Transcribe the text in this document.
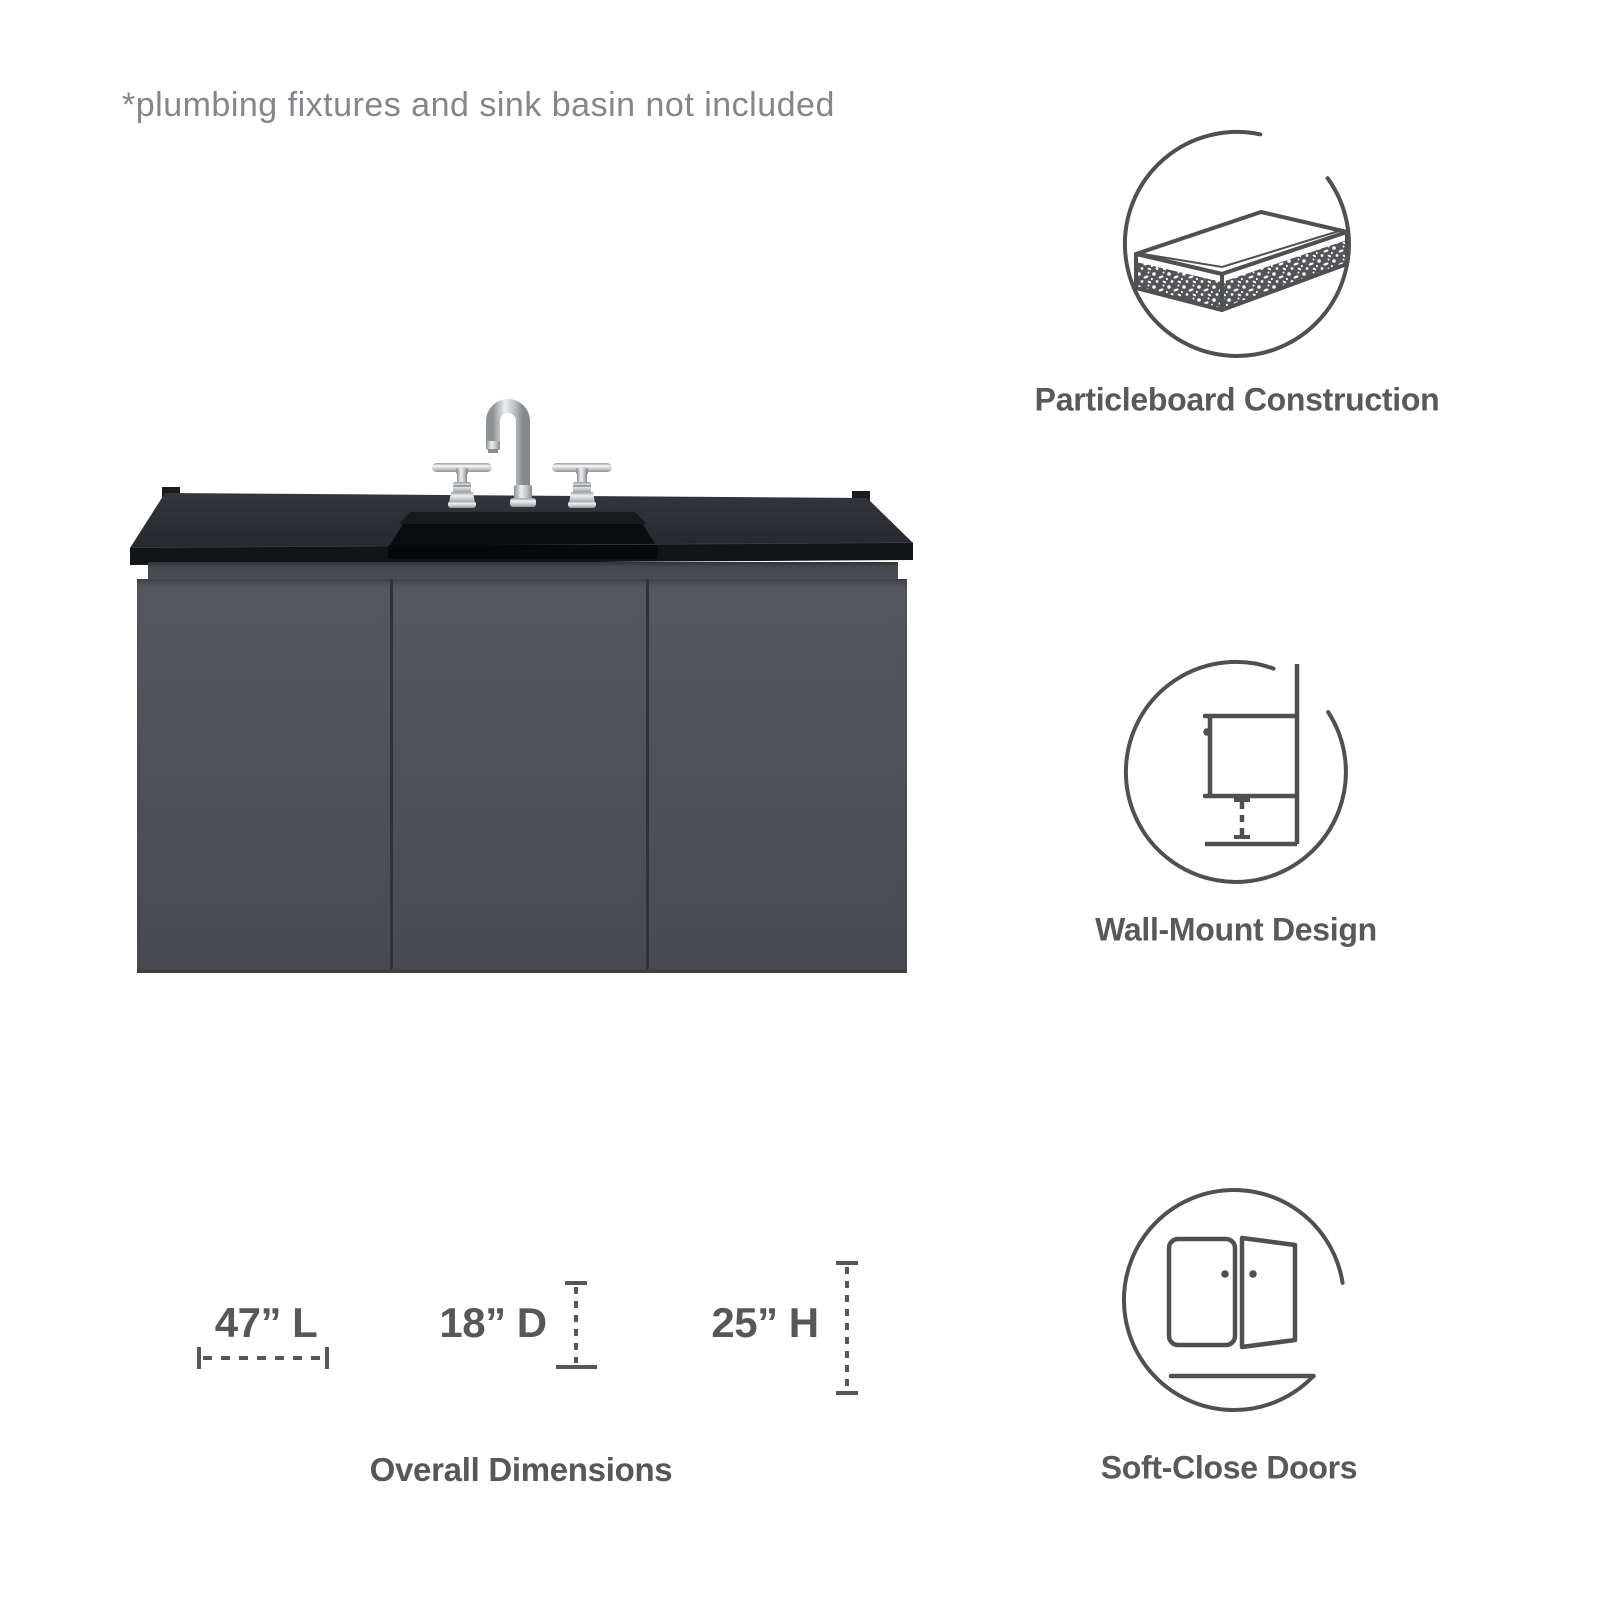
*plumbing fixtures and sink basin not included
Particleboard Construction
Wall-Mount Design
Soft-Close Doors
47” L	18” D	25” H
Overall Dimensions
